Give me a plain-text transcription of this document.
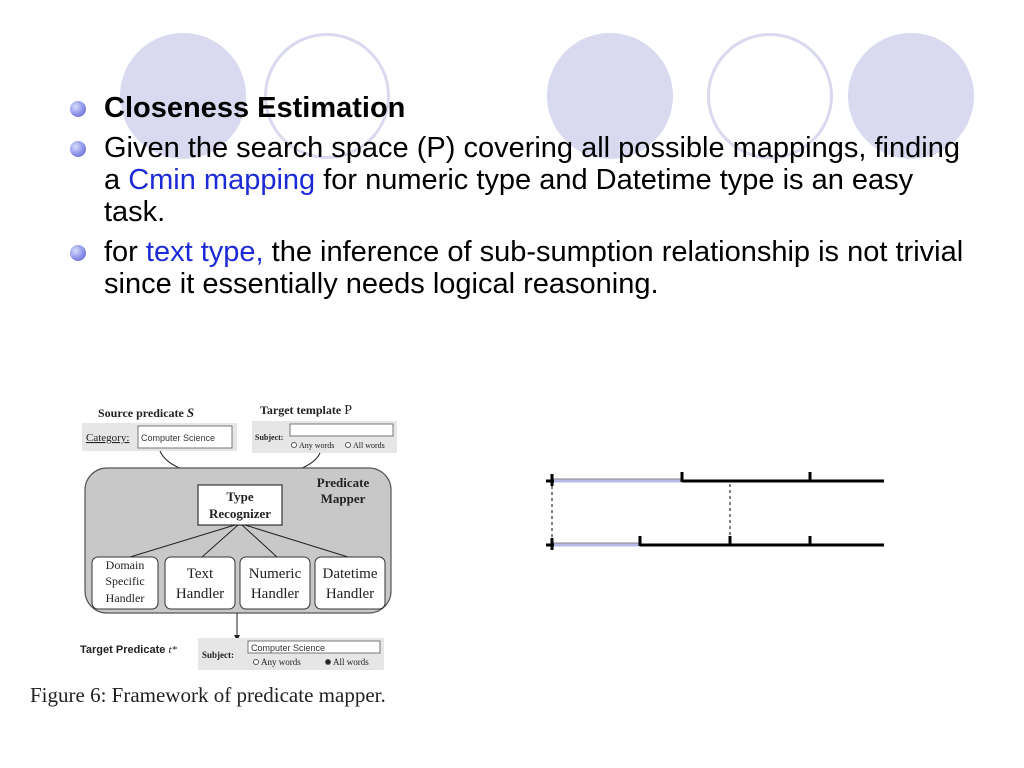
Closeness Estimation
Given the search space (P) covering all possible mappings, finding a Cmin mapping for numeric type and Datetime type is an easy task.
for text type, the inference of sub-sumption relationship is not trivial since it essentially needs logical reasoning.
Source predicate S	Target template P
Category: Computer Science	Subject:
Any words All words
Predicate
Mapper
Type
Recognizer
Domain
Specific
Handler
Text
Handler
Numeric
Handler
Datetime
Handler
Target Predicate t*	Subject:
Computer Science
Any words	All words
Figure 6: Framework of predicate mapper.
